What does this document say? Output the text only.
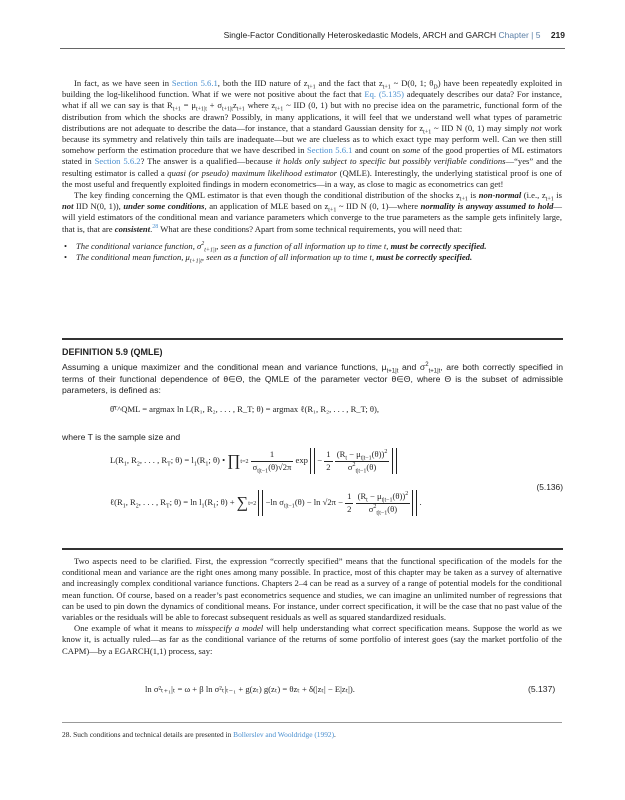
Single-Factor Conditionally Heteroskedastic Models, ARCH and GARCH Chapter | 5 219

In fact, as we have seen in Section 5.6.1, both the IID nature of $z_{t+1}$ and the fact that $z_{t+1}$ ~ D(0, 1; $\theta_D$) have been repeatedly exploited in building the log-likelihood function. What if we were not positive about the fact that Eq. (5.135) adequately describes our data? For instance, what if all we can say is that $R_{t+1} = \mu_{t+1|t} + \sigma_{t+1|t}z_{t+1}$ where $z_{t+1}$ ~ IID (0, 1) but with no precise idea on the parametric, functional form of the distribution from which the shocks are drawn? Possibly, in many applications, it will feel that we understand well what types of parametric distributions are not adequate to describe the data—for instance, that a standard Gaussian density for $z_{t+1}$ ~ IID N (0, 1) may simply not work because its symmetry and relatively thin tails are inadequate—but we are clueless as to which exact type may perform well. Can we then still somehow perform the estimation procedure that we have described in Section 5.6.1 and count on some of the good properties of ML estimators stated in Section 5.6.2? The answer is a qualified—because it holds only subject to specific but possibly verifiable conditions—“yes” and the resulting estimator is called a quasi (or pseudo) maximum likelihood estimator (QMLE). Interestingly, the underlying statistical proof is one of the most useful and frequently exploited findings in modern econometrics—in a way, as close to magic as econometrics can get!

The key finding concerning the QML estimator is that even though the conditional distribution of the shocks $z_{t+1}$ is non-normal (i.e., $z_{t+1}$ is not IID N(0, 1)), under some conditions, an application of MLE based on $z_{t+1}$ ~ IID N (0, 1)—where normality is anyway assumed to hold—will yield estimators of the conditional mean and variance parameters which converge to the true parameters as the sample gets infinitely large, that is, that are consistent.$^{28}$ What are these conditions? Apart from some technical requirements, you will need that:

• The conditional variance function, $\sigma^2_{t+1|t}$, seen as a function of all information up to time t, must be correctly specified.
• The conditional mean function, $\mu_{t+1|t}$, seen as a function of all information up to time t, must be correctly specified.
DEFINITION 5.9 (QMLE)
Assuming a unique maximizer and the conditional mean and variance functions, $\mu_{t+1|t}$ and $\sigma^2_{t+1|t}$, are both correctly specified in terms of their functional dependence of θ∈Θ, the QMLE of the parameter vector θ∈Θ, where Θ is the subset of admissible parameters, is defined as:
θ̂ᵀ^QML = argmax ln L(R₁, R₂, . . . , R_T; θ) = argmax ℓ(R₁, R₂, . . . , R_T; θ),
where T is the sample size and
$L(R_1$, $R_2$, . . . , $R_T$; $\theta) = l_1(R_1$; θ) • ∏t=2 $\frac{1}{\sigma_{t|t-1}(\theta)√2\pi}$ $\exp - \frac{1}{2}$
$\frac{(R_t - \mu_{t|t-1}(\theta))^2}{\sigma^2_{t|t-1}(\theta)}$

$\ell(R_1$, $R_2$, . . . , $R_T$; $\theta) = \ln l_1(R_1$; θ) + ∑t=2  −ln $\sigma_{t|t-1}(\theta) - \ln √2\pi - \frac{1}{2}$
$\frac{(R_t - \mu_{t|t-1}(\theta))^2}{\sigma^2_{t|t-1}(\theta)}$ .
(5.136)

Two aspects need to be clarified. First, the expression “correctly specified” means that the functional specification of the models for the conditional mean and variance are the right ones among many possible. In practice, most of this chapter may be taken as a survey of alternative and increasingly complex conditional variance functions. Chapters 2–4 can be read as a survey of a range of potential models for the conditional mean function. Of course, based on a reader’s past econometrics sequence and studies, we can imagine an unlimited number of regressions that can be used to pin down the dynamics of conditional means. For instance, under correct specification, it will be the case that no past value of the variables or the residuals will be able to forecast subsequent residuals as well as squared standardized residuals.

One example of what it means to misspecify a model will help understanding what correct specification means. Suppose the world as we know it, is actually ruled—as far as the conditional variance of the returns of some portfolio of interest goes (say the market portfolio of the CAPM)—by a EGARCH(1,1) process, say:

ln σ²ₜ₊₁|ₜ = ω + β ln σ²ₜ|ₜ₋₁ + g(zₜ) g(zₜ) = θzₜ + δ(|zₜ| − E|zₜ|).	(5.137)
28. Such conditions and technical details are presented in Bollerslev and Wooldridge (1992).
